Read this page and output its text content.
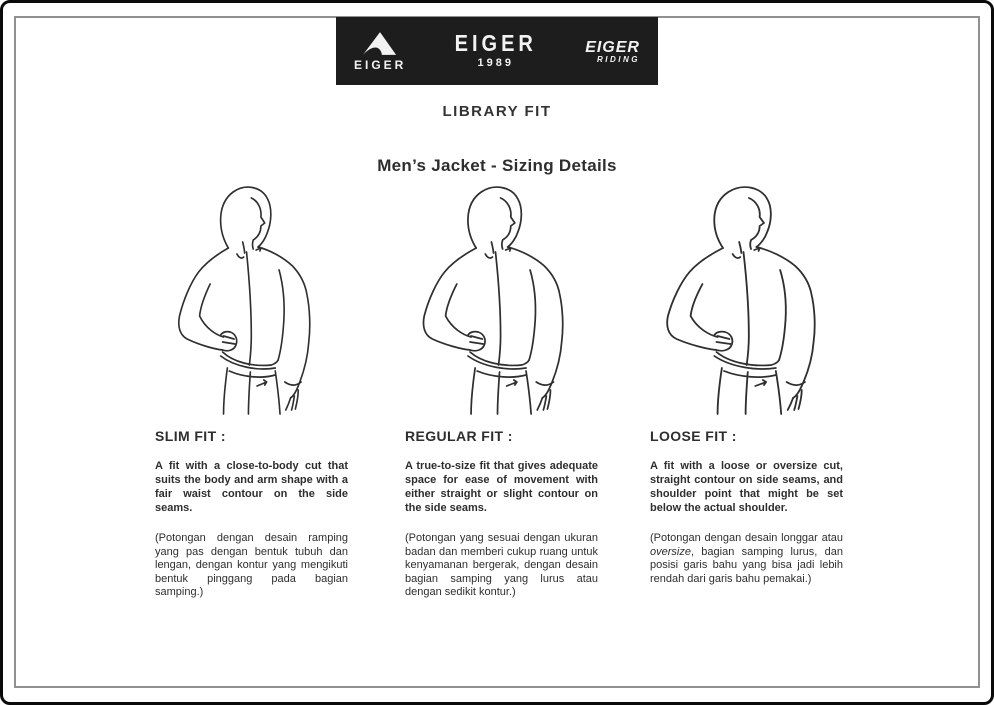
EIGER
EIGER
1989
EIGER
RIDING
LIBRARY FIT
Men’s Jacket - Sizing Details
SLIM FIT :

A fit with a close-to-body cut that suits the body and arm shape with a fair waist contour on the side seams.

(Potongan dengan desain ramping yang pas dengan bentuk tubuh dan lengan, dengan kontur yang mengikuti bentuk pinggang pada bagian samping.)

REGULAR FIT :

A true-to-size fit that gives adequate space for ease of movement with either straight or slight contour on the side seams.

(Potongan yang sesuai dengan ukuran badan dan memberi cukup ruang untuk kenyamanan bergerak, dengan desain bagian samping yang lurus atau dengan sedikit kontur.)

LOOSE FIT :

A fit with a loose or oversize cut, straight contour on side seams, and shoulder point that might be set below the actual shoulder.

(Potongan dengan desain longgar atau oversize, bagian samping lurus, dan posisi garis bahu yang bisa jadi lebih rendah dari garis bahu pemakai.)
